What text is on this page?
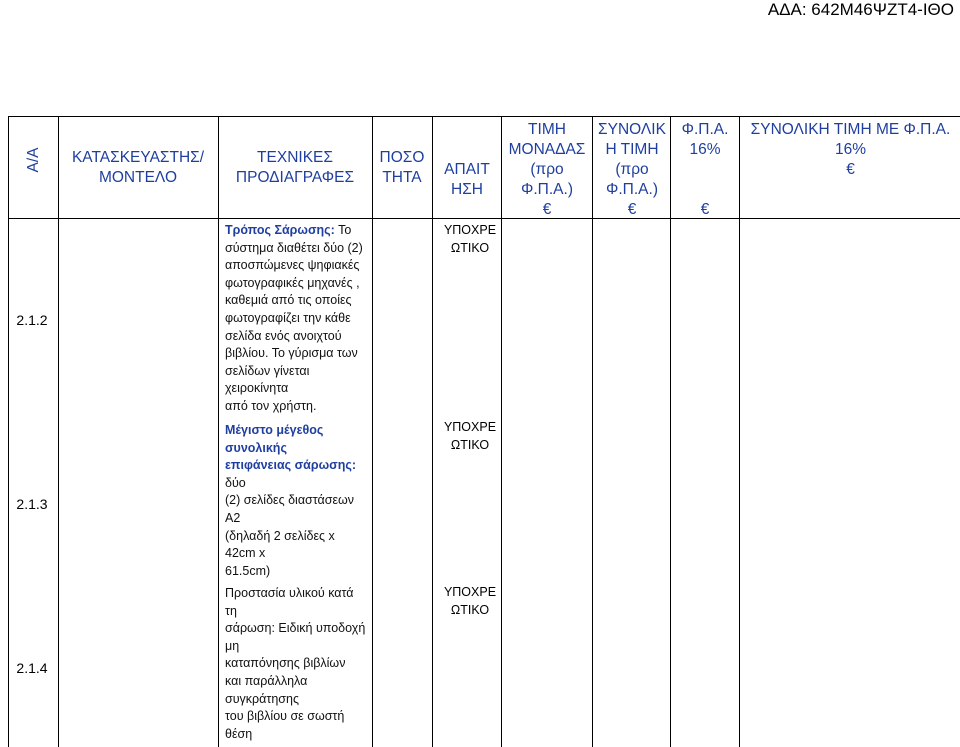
ΑΔΑ: 642Μ46ΨΖΤ4-ΙΘΟ
Α/Α	ΚΑΤΑΣΚΕΥΑΣΤΗΣ/
ΜΟΝΤΕΛΟ
ΤΕΧΝΙΚΕΣ
ΠΡΟΔΙΑΓΡΑΦΕΣ
ΠΟΣΟ
ΤΗΤΑ	ΑΠΑΙΤ
ΗΣΗ
ΤΙΜΗ
ΜΟΝΑΔΑΣ
(προ
Φ.Π.Α.)
€
ΣΥΝΟΛΙΚ
Η ΤΙΜΗ
(προ
Φ.Π.Α.)
€
Φ.Π.Α.
16%
€
ΣΥΝΟΛΙΚΗ ΤΙΜΗ ΜΕ Φ.Π.Α.
16%
€
2.1.2
2.1.3
2.1.4
Τρόπος Σάρωσης: Το
σύστημα διαθέτει δύο (2)
αποσπώμενες ψηφιακές
φωτογραφικές μηχανές ,
καθεμιά από τις οποίες
φωτογραφίζει την κάθε
σελίδα ενός ανοιχτού
βιβλίου. Το γύρισμα των
σελίδων γίνεται
χειροκίνητα
από τον χρήστη.
Μέγιστο μέγεθος
συνολικής
επιφάνειας σάρωσης:
δύο
(2) σελίδες διαστάσεων
A2
(δηλαδή 2 σελίδες x
42cm x
61.5cm)
Προστασία υλικού κατά
τη
σάρωση: Ειδική υποδοχή
μη
καταπόνησης βιβλίων
και παράλληλα
συγκράτησης
του βιβλίου σε σωστή
θέση
ΥΠΟΧΡΕ
ΩΤΙΚΟ
ΥΠΟΧΡΕ
ΩΤΙΚΟ
ΥΠΟΧΡΕ
ΩΤΙΚΟ
